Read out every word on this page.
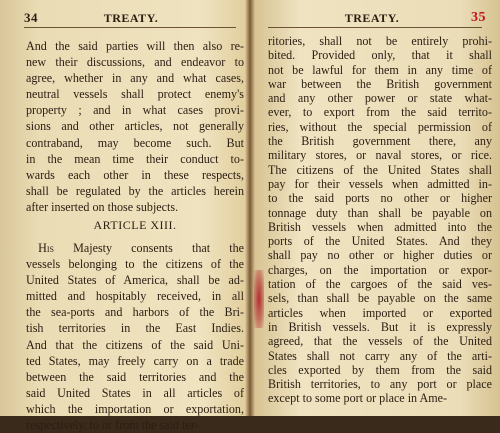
34	TREATY.
And the said parties will then also re-
new their discussions, and endeavor to
agree, whether in any and what cases,
neutral vessels shall protect enemy's
property ; and in what cases provi-
sions and other articles, not generally
contraband, may become such. But
in the mean time their conduct to-
wards each other in these respects,
shall be regulated by the articles herein
after inserted on those subjects.
ARTICLE XIII.
 His Majesty consents that the
vessels belonging to the citizens of the
United States of America, shall be ad-
mitted and hospitably received, in all
the sea-ports and harbors of the Bri-
tish territories in the East Indies.
And that the citizens of the said Uni-
ted States, may freely carry on a trade
between the said territories and the
said United States in all articles of
which the importation or exportation,
respectively, to or from the said ter-
TREATY.	35
ritories, shall not be entirely prohi-
bited. Provided only, that it shall
not be lawful for them in any time of
war between the British government
and any other power or state what-
ever, to export from the said territo-
ries, without the special permission of
the British government there, any
military stores, or naval stores, or rice.
The citizens of the United States shall
pay for their vessels when admitted in-
to the said ports no other or higher
tonnage duty than shall be payable on
British vessels when admitted into the
ports of the United States. And they
shall pay no other or higher duties or
charges, on the importation or expor-
tation of the cargoes of the said ves-
sels, than shall be payable on the same
articles when imported or exported
in British vessels. But it is expressly
agreed, that the vessels of the United
States shall not carry any of the arti-
cles exported by them from the said
British territories, to any port or place
except to some port or place in Ame-
